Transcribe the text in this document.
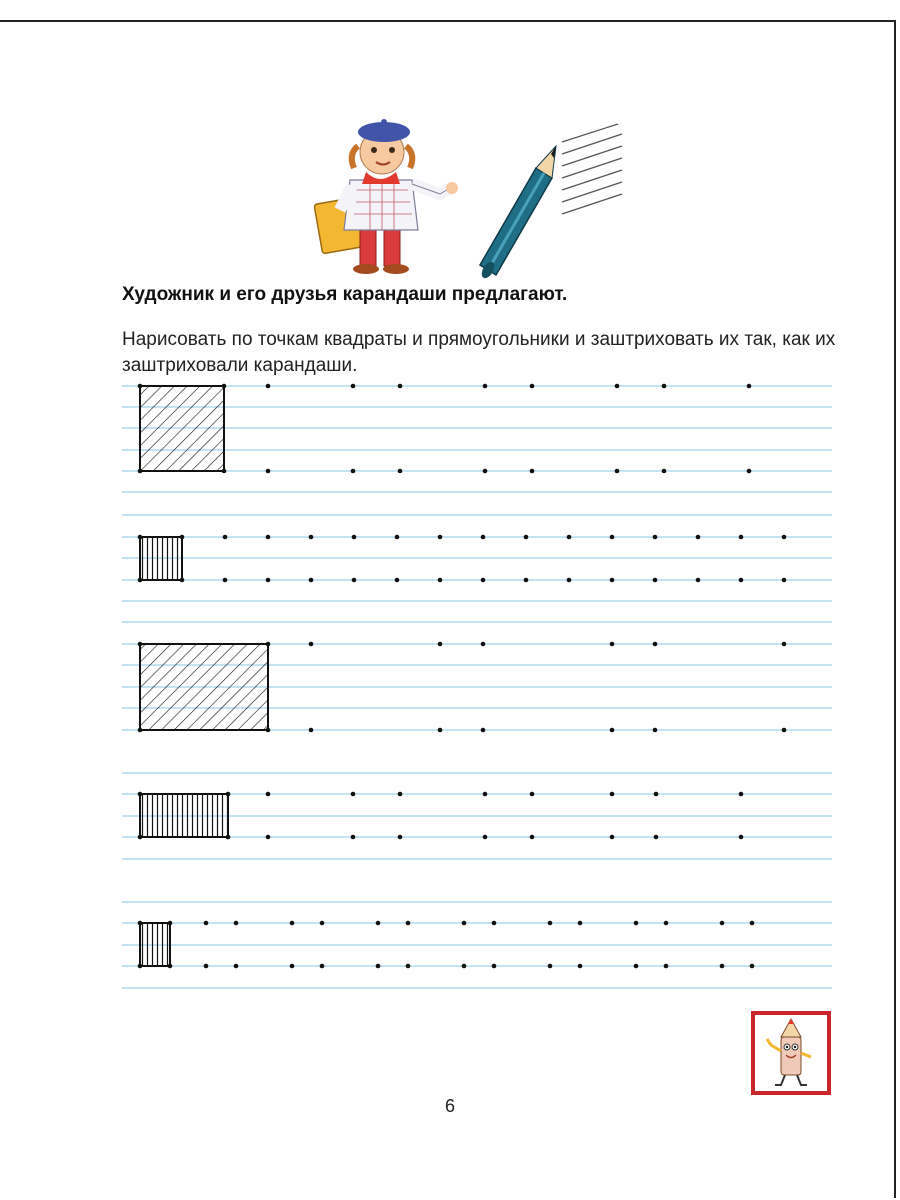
Художник и его друзья карандаши предлагают.

Нарисовать по точкам квадраты и прямоугольники и заштриховать их так, как их заштриховали карандаши.

6
